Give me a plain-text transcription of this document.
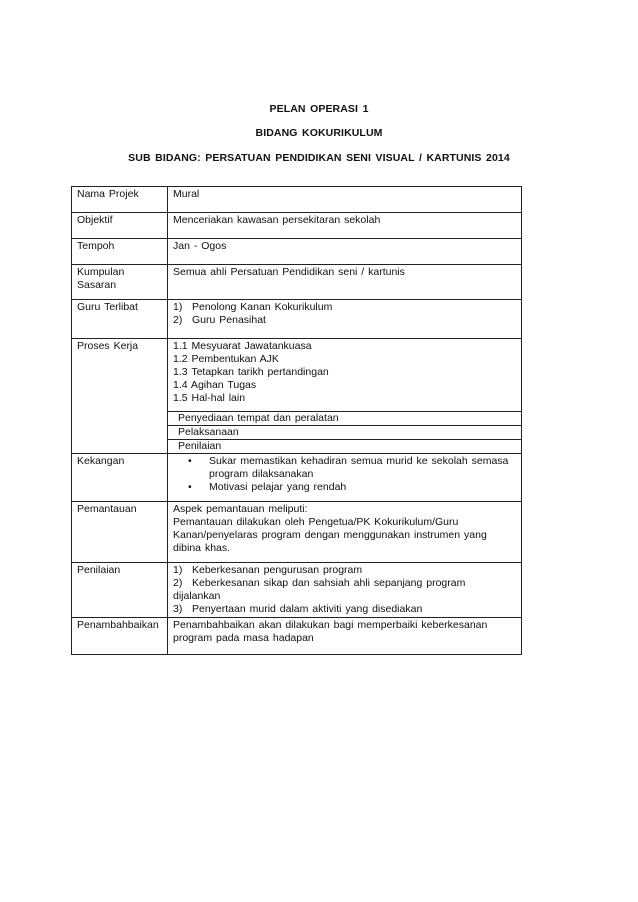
PELAN OPERASI 1
BIDANG KOKURIKULUM
SUB BIDANG: PERSATUAN PENDIDIKAN SENI VISUAL / KARTUNIS 2014
Nama Projek	Mural
Objektif	Menceriakan kawasan persekitaran sekolah
Tempoh	Jan - Ogos

Kumpulan
Sasaran	Semua ahli Persatuan Pendidikan seni / kartunis
Guru Terlibat	1) Penolong Kanan Kokurikulum
2) Guru Penasihat

Proses Kerja	1.1 Mesyuarat Jawatankuasa
1.2 Pembentukan AJK
1.3 Tetapkan tarikh pertandingan
1.4 Agihan Tugas
1.5 Hal-hal lain

	Penyediaan tempat dan peralatan
	Pelaksanaan
	Penilaian
Kekangan	• Sukar memastikan kehadiran semua murid ke sekolah semasa program dilaksanakan
• Motivasi pelajar yang rendah

Pemantauan	Aspek pemantauan meliputi:
Pemantauan dilakukan oleh Pengetua/PK Kokurikulum/Guru Kanan/penyelaras program dengan menggunakan instrumen yang dibina khas.

Penilaian	1) Keberkesanan pengurusan program
2) Keberkesanan sikap dan sahsiah ahli sepanjang program dijalankan
3) Penyertaan murid dalam aktiviti yang disediakan

Penambahbaikan	Penambahbaikan akan dilakukan bagi memperbaiki keberkesanan program pada masa hadapan
